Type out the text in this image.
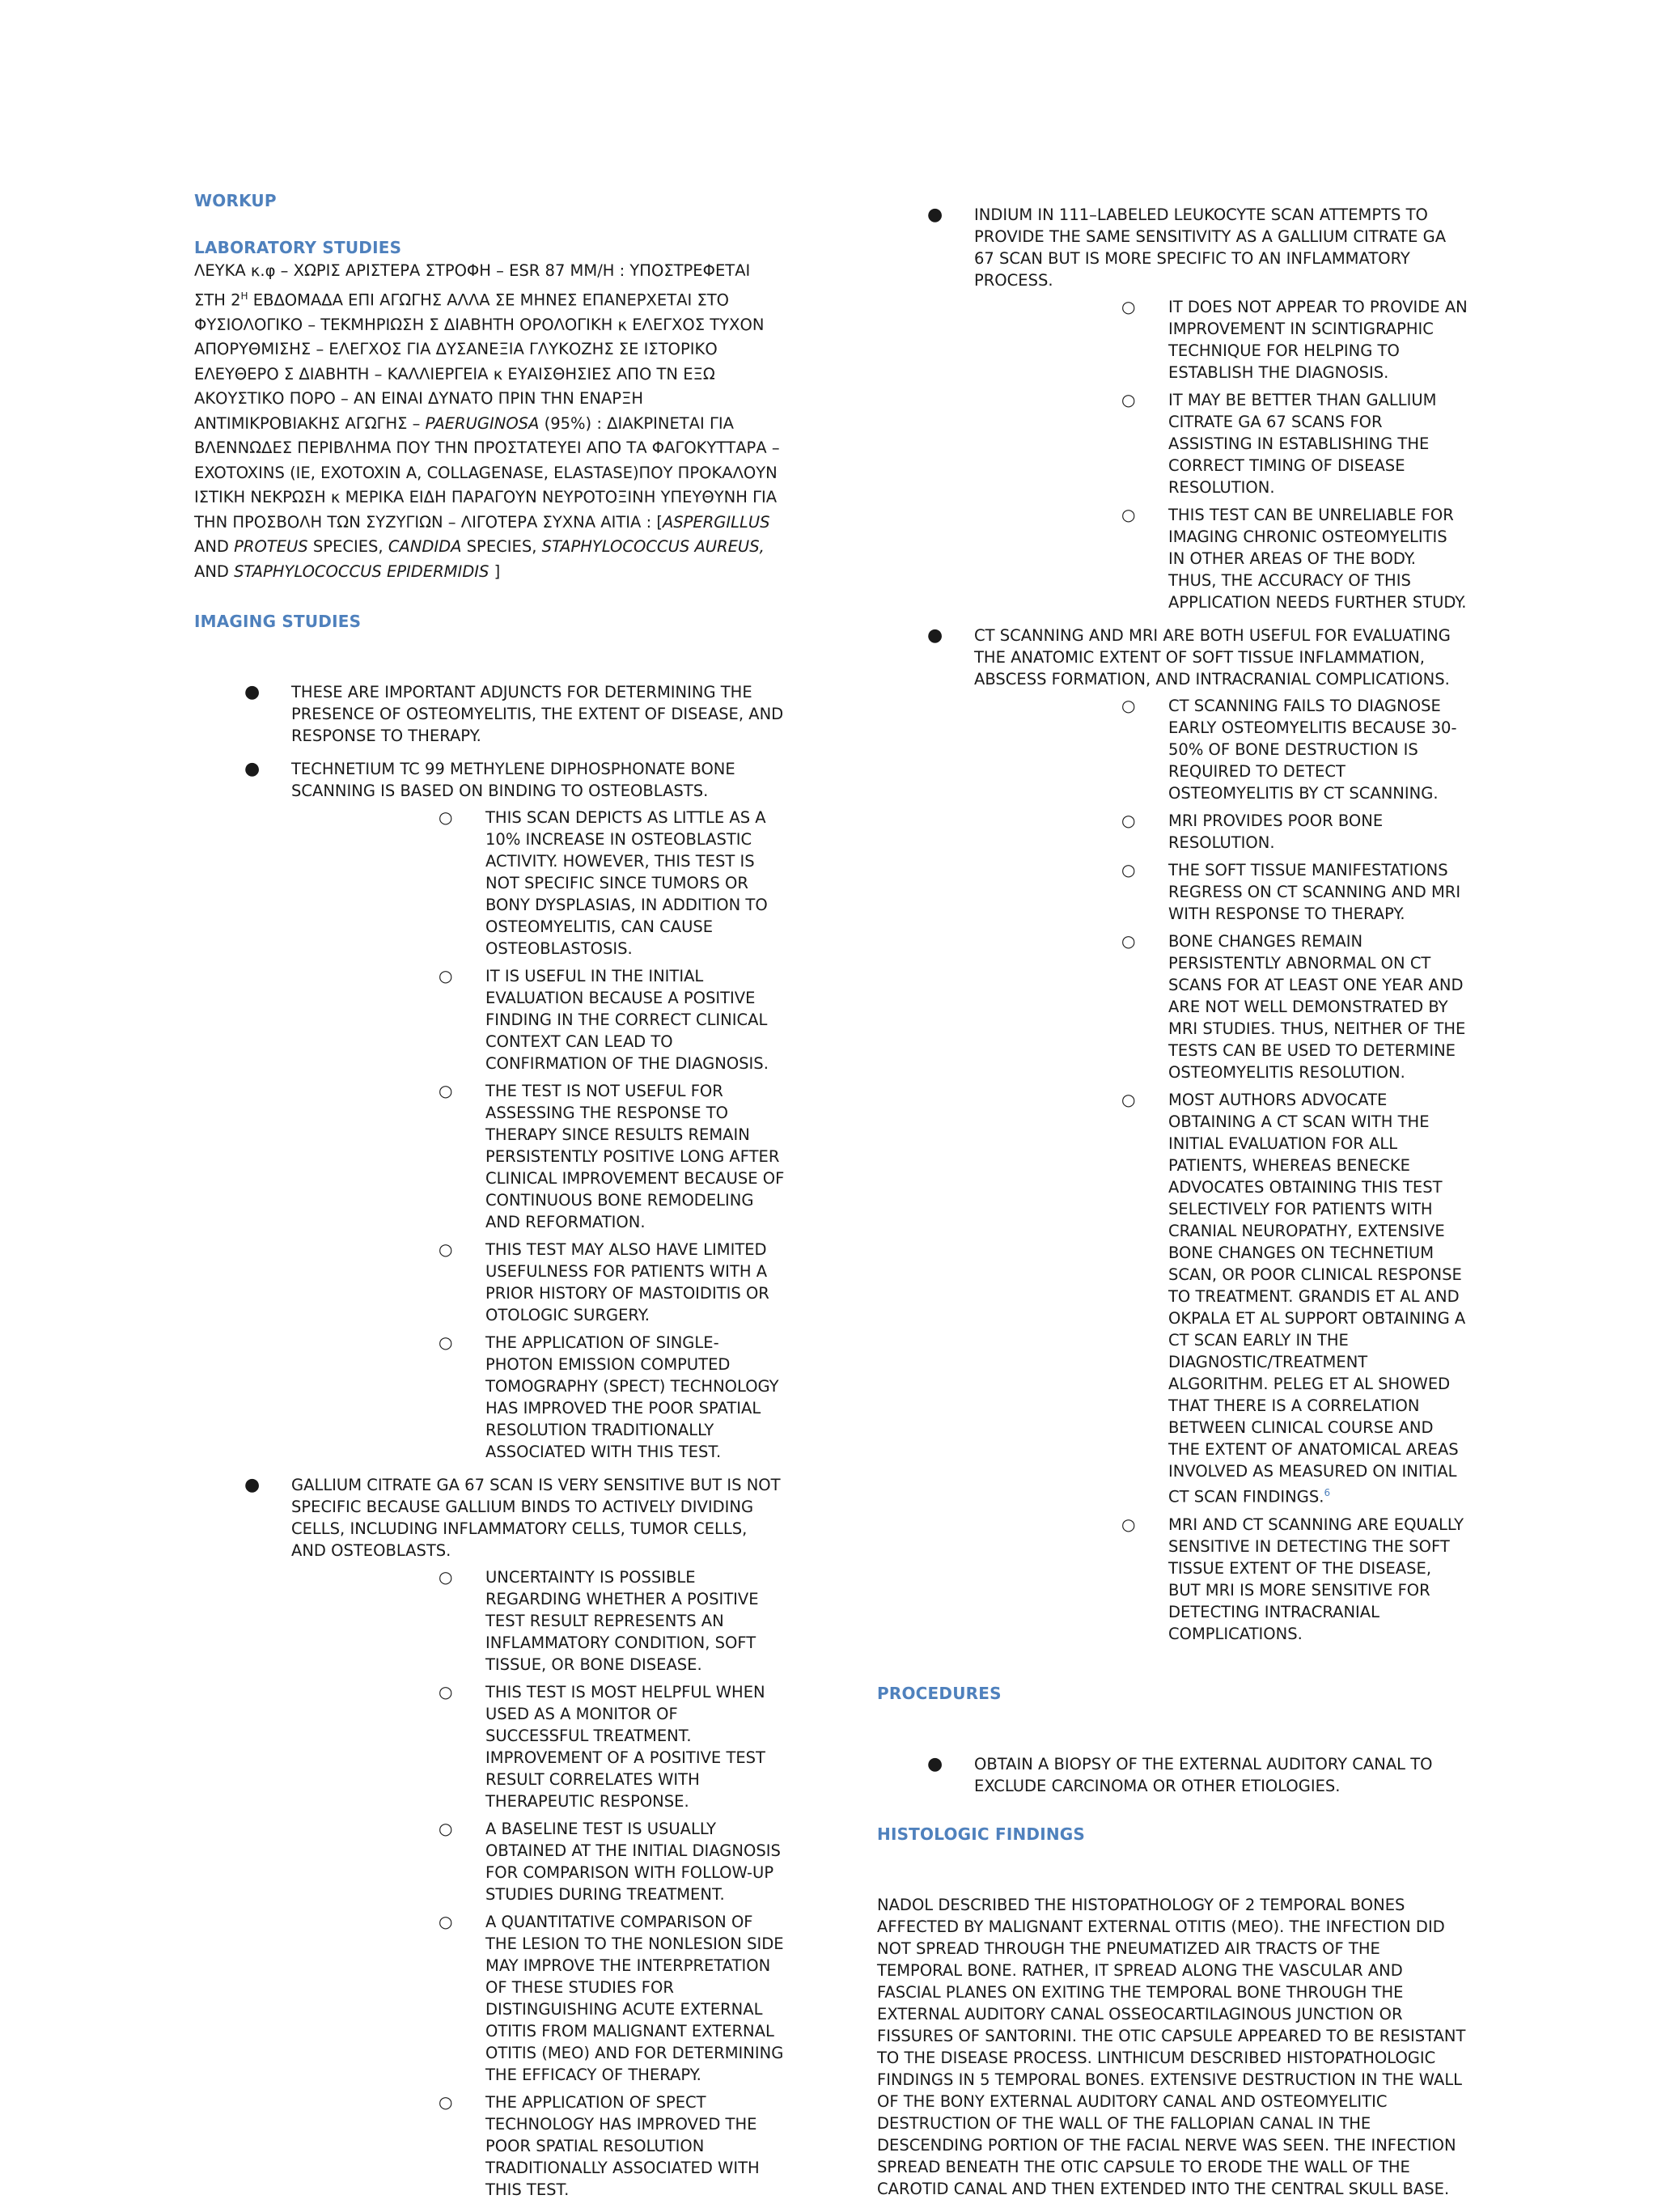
WORKUP

LABORATORY STUDIES

ΛΕΥΚΑ κ.φ – ΧΩΡΙΣ ΑΡΙΣΤΕΡΑ ΣΤΡΟΦΗ – ESR 87 ΜΜ/Η : ΥΠΟΣΤΡΕΦΕΤΑΙ ΣΤΗ $2^H$ ΕΒΔΟΜΑΔΑ ΕΠΙ ΑΓΩΓΗΣ ΑΛΛΑ ΣΕ ΜΗΝΕΣ ΕΠΑΝΕΡΧΕΤΑΙ ΣΤΟ ΦΥΣΙΟΛΟΓΙΚΟ – ΤΕΚΜΗΡΙΩΣΗ Σ ΔΙΑΒΗΤΗ ΟΡΟΛΟΓΙΚΗ κ ΕΛΕΓΧΟΣ ΤΥΧΟΝ ΑΠΟΡΥΘΜΙΣΗΣ – ΕΛΕΓΧΟΣ ΓΙΑ ΔΥΣΑΝΕΞΙΑ ΓΛΥΚΟΖΗΣ ΣΕ ΙΣΤΟΡΙΚΟ ΕΛΕΥΘΕΡΟ Σ ΔΙΑΒΗΤΗ – ΚΑΛΛΙΕΡΓΕΙΑ κ ΕΥΑΙΣΘΗΣΙΕΣ ΑΠΟ ΤΝ ΕΞΩ ΑΚΟΥΣΤΙΚΟ ΠΟΡΟ – ΑΝ ΕΙΝΑΙ ΔΥΝΑΤΟ ΠΡΙΝ ΤΗΝ ΕΝΑΡΞΗ ΑΝΤΙΜΙΚΡΟΒΙΑΚΗΣ ΑΓΩΓΗΣ – PAERUGINOSA (95%) : ΔΙΑΚΡΙΝΕΤΑΙ ΓΙΑ ΒΛΕΝΝΩΔΕΣ ΠΕΡΙΒΛΗΜΑ ΠΟΥ ΤΗΝ ΠΡΟΣΤΑΤΕΥΕΙ ΑΠΟ ΤΑ ΦΑΓΟΚΥΤΤΑΡΑ – EXOTOXINS (IE, EXOTOXIN A, COLLAGENASE, ELASTASE)ΠΟΥ ΠΡΟΚΑΛΟΥΝ ΙΣΤΙΚΗ ΝΕΚΡΩΣΗ κ ΜΕΡΙΚΑ ΕΙΔΗ ΠΑΡΑΓΟΥΝ ΝΕΥΡΟΤΟΞΙΝΗ ΥΠΕΥΘΥΝΗ ΓΙΑ ΤΗΝ ΠΡΟΣΒΟΛΗ ΤΩΝ ΣΥΖΥΓΙΩΝ – ΛΙΓΟΤΕΡΑ ΣΥΧΝΑ ΑΙΤΙΑ : [ASPERGILLUS AND PROTEUS SPECIES, CANDIDA SPECIES, STAPHYLOCOCCUS AUREUS, AND STAPHYLOCOCCUS EPIDERMIDIS ]

IMAGING STUDIES

● THESE ARE IMPORTANT ADJUNCTS FOR DETERMINING THE PRESENCE OF OSTEOMYELITIS, THE EXTENT OF DISEASE, AND RESPONSE TO THERAPY.
● TECHNETIUM TC 99 METHYLENE DIPHOSPHONATE BONE SCANNING IS BASED ON BINDING TO OSTEOBLASTS.
○ THIS SCAN DEPICTS AS LITTLE AS A 10% INCREASE IN OSTEOBLASTIC ACTIVITY. HOWEVER, THIS TEST IS NOT SPECIFIC SINCE TUMORS OR BONY DYSPLASIAS, IN ADDITION TO OSTEOMYELITIS, CAN CAUSE OSTEOBLASTOSIS.
○ IT IS USEFUL IN THE INITIAL EVALUATION BECAUSE A POSITIVE FINDING IN THE CORRECT CLINICAL CONTEXT CAN LEAD TO CONFIRMATION OF THE DIAGNOSIS.
○ THE TEST IS NOT USEFUL FOR ASSESSING THE RESPONSE TO THERAPY SINCE RESULTS REMAIN PERSISTENTLY POSITIVE LONG AFTER CLINICAL IMPROVEMENT BECAUSE OF CONTINUOUS BONE REMODELING AND REFORMATION.
○ THIS TEST MAY ALSO HAVE LIMITED USEFULNESS FOR PATIENTS WITH A PRIOR HISTORY OF MASTOIDITIS OR OTOLOGIC SURGERY.
○ THE APPLICATION OF SINGLE-PHOTON EMISSION COMPUTED TOMOGRAPHY (SPECT) TECHNOLOGY HAS IMPROVED THE POOR SPATIAL RESOLUTION TRADITIONALLY ASSOCIATED WITH THIS TEST.
● GALLIUM CITRATE GA 67 SCAN IS VERY SENSITIVE BUT IS NOT SPECIFIC BECAUSE GALLIUM BINDS TO ACTIVELY DIVIDING CELLS, INCLUDING INFLAMMATORY CELLS, TUMOR CELLS, AND OSTEOBLASTS.
○ UNCERTAINTY IS POSSIBLE REGARDING WHETHER A POSITIVE TEST RESULT REPRESENTS AN INFLAMMATORY CONDITION, SOFT TISSUE, OR BONE DISEASE.
○ THIS TEST IS MOST HELPFUL WHEN USED AS A MONITOR OF SUCCESSFUL TREATMENT. IMPROVEMENT OF A POSITIVE TEST RESULT CORRELATES WITH THERAPEUTIC RESPONSE.
○ A BASELINE TEST IS USUALLY OBTAINED AT THE INITIAL DIAGNOSIS FOR COMPARISON WITH FOLLOW-UP STUDIES DURING TREATMENT.
○ A QUANTITATIVE COMPARISON OF THE LESION TO THE NONLESION SIDE MAY IMPROVE THE INTERPRETATION OF THESE STUDIES FOR DISTINGUISHING ACUTE EXTERNAL OTITIS FROM MALIGNANT EXTERNAL OTITIS (MEO) AND FOR DETERMINING THE EFFICACY OF THERAPY.
○ THE APPLICATION OF SPECT TECHNOLOGY HAS IMPROVED THE POOR SPATIAL RESOLUTION TRADITIONALLY ASSOCIATED WITH THIS TEST.
● INDIUM IN 111–LABELED LEUKOCYTE SCAN ATTEMPTS TO PROVIDE THE SAME SENSITIVITY AS A GALLIUM CITRATE GA 67 SCAN BUT IS MORE SPECIFIC TO AN INFLAMMATORY PROCESS.
○ IT DOES NOT APPEAR TO PROVIDE AN IMPROVEMENT IN SCINTIGRAPHIC TECHNIQUE FOR HELPING TO ESTABLISH THE DIAGNOSIS.
○ IT MAY BE BETTER THAN GALLIUM CITRATE GA 67 SCANS FOR ASSISTING IN ESTABLISHING THE CORRECT TIMING OF DISEASE RESOLUTION.
○ THIS TEST CAN BE UNRELIABLE FOR IMAGING CHRONIC OSTEOMYELITIS IN OTHER AREAS OF THE BODY. THUS, THE ACCURACY OF THIS APPLICATION NEEDS FURTHER STUDY.
● CT SCANNING AND MRI ARE BOTH USEFUL FOR EVALUATING THE ANATOMIC EXTENT OF SOFT TISSUE INFLAMMATION, ABSCESS FORMATION, AND INTRACRANIAL COMPLICATIONS.
○ CT SCANNING FAILS TO DIAGNOSE EARLY OSTEOMYELITIS BECAUSE 30-50% OF BONE DESTRUCTION IS REQUIRED TO DETECT OSTEOMYELITIS BY CT SCANNING.
○ MRI PROVIDES POOR BONE RESOLUTION.
○ THE SOFT TISSUE MANIFESTATIONS REGRESS ON CT SCANNING AND MRI WITH RESPONSE TO THERAPY.
○ BONE CHANGES REMAIN PERSISTENTLY ABNORMAL ON CT SCANS FOR AT LEAST ONE YEAR AND ARE NOT WELL DEMONSTRATED BY MRI STUDIES. THUS, NEITHER OF THE TESTS CAN BE USED TO DETERMINE OSTEOMYELITIS RESOLUTION.
○ MOST AUTHORS ADVOCATE OBTAINING A CT SCAN WITH THE INITIAL EVALUATION FOR ALL PATIENTS, WHEREAS BENECKE ADVOCATES OBTAINING THIS TEST SELECTIVELY FOR PATIENTS WITH CRANIAL NEUROPATHY, EXTENSIVE BONE CHANGES ON TECHNETIUM SCAN, OR POOR CLINICAL RESPONSE TO TREATMENT. GRANDIS ET AL AND OKPALA ET AL SUPPORT OBTAINING A CT SCAN EARLY IN THE DIAGNOSTIC/TREATMENT ALGORITHM. PELEG ET AL SHOWED THAT THERE IS A CORRELATION BETWEEN CLINICAL COURSE AND THE EXTENT OF ANATOMICAL AREAS INVOLVED AS MEASURED ON INITIAL CT SCAN FINDINGS.$^6$
○ MRI AND CT SCANNING ARE EQUALLY SENSITIVE IN DETECTING THE SOFT TISSUE EXTENT OF THE DISEASE, BUT MRI IS MORE SENSITIVE FOR DETECTING INTRACRANIAL COMPLICATIONS.

PROCEDURES

● OBTAIN A BIOPSY OF THE EXTERNAL AUDITORY CANAL TO EXCLUDE CARCINOMA OR OTHER ETIOLOGIES.

HISTOLOGIC FINDINGS

NADOL DESCRIBED THE HISTOPATHOLOGY OF 2 TEMPORAL BONES AFFECTED BY MALIGNANT EXTERNAL OTITIS (MEO). THE INFECTION DID NOT SPREAD THROUGH THE PNEUMATIZED AIR TRACTS OF THE TEMPORAL BONE. RATHER, IT SPREAD ALONG THE VASCULAR AND FASCIAL PLANES ON EXITING THE TEMPORAL BONE THROUGH THE EXTERNAL AUDITORY CANAL OSSEOCARTILAGINOUS JUNCTION OR FISSURES OF SANTORINI. THE OTIC CAPSULE APPEARED TO BE RESISTANT TO THE DISEASE PROCESS. LINTHICUM DESCRIBED HISTOPATHOLOGIC FINDINGS IN 5 TEMPORAL BONES. EXTENSIVE DESTRUCTION IN THE WALL OF THE BONY EXTERNAL AUDITORY CANAL AND OSTEOMYELITIC DESTRUCTION OF THE WALL OF THE FALLOPIAN CANAL IN THE DESCENDING PORTION OF THE FACIAL NERVE WAS SEEN. THE INFECTION SPREAD BENEATH THE OTIC CAPSULE TO ERODE THE WALL OF THE CAROTID CANAL AND THEN EXTENDED INTO THE CENTRAL SKULL BASE.
